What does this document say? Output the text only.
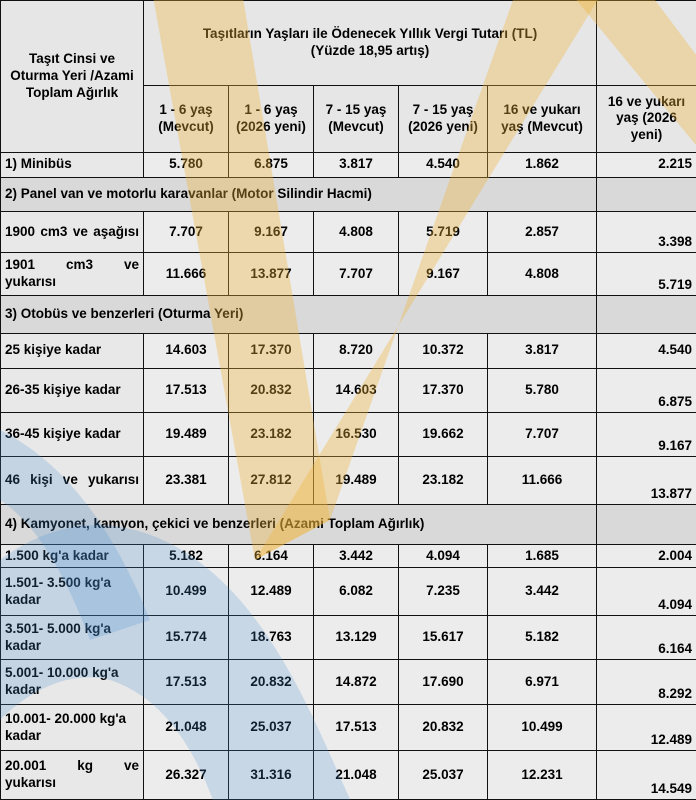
Taşıt Cinsi ve Oturma Yeri /Azami Toplam Ağırlık	Taşıtların Yaşları ile Ödenecek Yıllık Vergi Tutarı (TL)
(Yüzde 18,95 artış)					

	1 - 6 yaş (Mevcut)	1 - 6 yaş (2026 yeni)	7 - 15 yaş (Mevcut)	7 - 15 yaş (2026 yeni)	16 ve yukarı yaş (Mevcut)	16 ve yukarı yaş (2026 yeni)
1) Minibüs	5.780	6.875	3.817	4.540	1.862	2.215
2) Panel van ve motorlu karavanlar (Motor Silindir Hacmi)						
1900 cm3 ve aşağısı	7.707	9.167	4.808	5.719	2.857	3.398
1901 cm3 ve yukarısı	11.666	13.877	7.707	9.167	4.808	5.719
3) Otobüs ve benzerleri (Oturma Yeri)						
25 kişiye kadar	14.603	17.370	8.720	10.372	3.817	4.540
26-35 kişiye kadar	17.513	20.832	14.603	17.370	5.780	6.875
36-45 kişiye kadar	19.489	23.182	16.530	19.662	7.707	9.167
46 kişi ve yukarısı	23.381	27.812	19.489	23.182	11.666	13.877
4) Kamyonet, kamyon, çekici ve benzerleri (Azami Toplam Ağırlık)						
1.500 kg'a kadar	5.182	6.164	3.442	4.094	1.685	2.004
1.501- 3.500 kg'a kadar	10.499	12.489	6.082	7.235	3.442	4.094
3.501- 5.000 kg'a kadar	15.774	18.763	13.129	15.617	5.182	6.164
5.001- 10.000 kg'a kadar	17.513	20.832	14.872	17.690	6.971	8.292
10.001- 20.000 kg'a kadar	21.048	25.037	17.513	20.832	10.499	12.489
20.001 kg ve yukarısı	26.327	31.316	21.048	25.037	12.231	14.549
